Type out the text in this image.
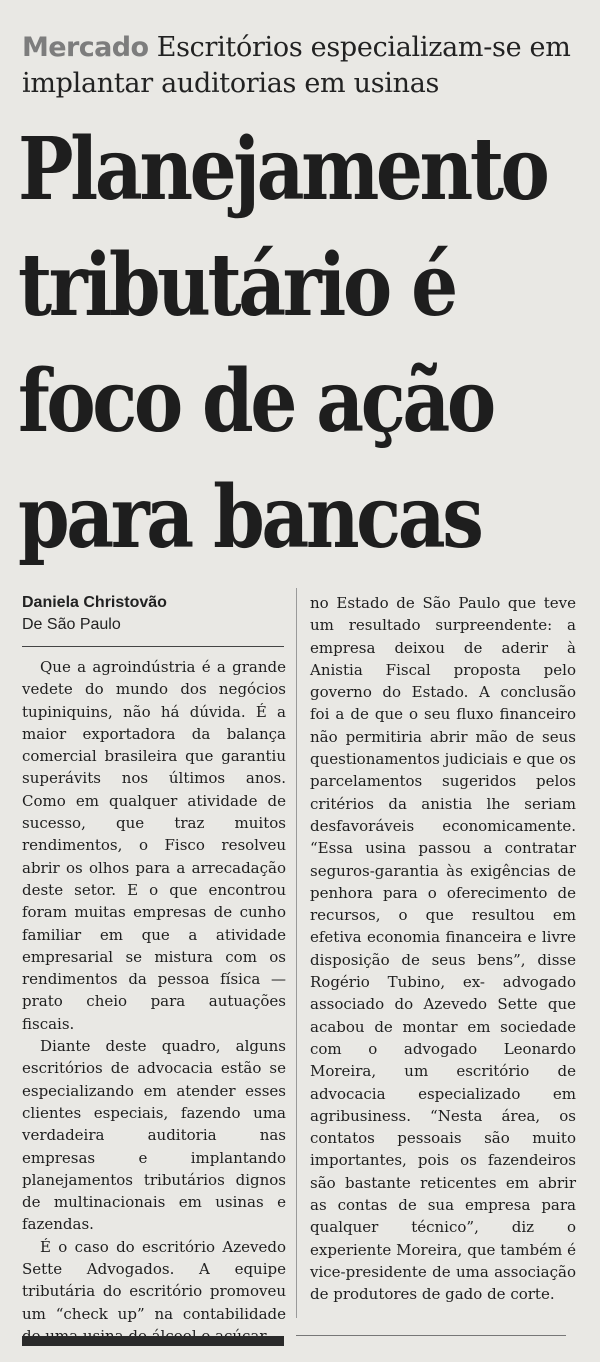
Mercado Escritórios especializam-se em implantar auditorias em usinas
Planejamento
tributário é
foco de ação
para bancas
Daniela Christovão
De São Paulo

Que a agroindústria é a grande vedete do mundo dos negócios tupiniquins, não há dúvida. É a maior exportadora da balança comercial brasileira que garantiu superávits nos últimos anos. Como em qualquer atividade de sucesso, que traz muitos rendimentos, o Fisco resolveu abrir os olhos para a arrecadação deste setor. E o que encontrou foram muitas empresas de cunho familiar em que a atividade empresarial se mistura com os rendimentos da pessoa física — prato cheio para autuações fiscais.

Diante deste quadro, alguns escritórios de advocacia estão se especializando em atender esses clientes especiais, fazendo uma verdadeira auditoria nas empresas e implantando planejamentos tributários dignos de multinacionais em usinas e fazendas.

É o caso do escritório Azevedo Sette Advogados. A equipe tributária do escritório promoveu um “check up” na contabilidade

no Estado de São Paulo que teve um resultado surpreendente: a empresa deixou de aderir à Anistia Fiscal proposta pelo governo do Estado. A conclusão foi a de que o seu fluxo financeiro não permitiria abrir mão de seus questionamentos judiciais e que os parcelamentos sugeridos pelos critérios da anistia lhe seriam desfavoráveis economicamente. “Essa usina passou a contratar seguros-garantia às exigências de penhora para o oferecimento de recursos, o que resultou em efetiva economia financeira e livre disposição de seus bens”, disse Rogério Tubino, ex- advogado associado do Azevedo Sette que acabou de montar em sociedade com o advogado Leonardo Moreira, um escritório de advocacia especializado em agribusiness. “Nesta área, os contatos pessoais são muito importantes, pois os fazendeiros são bastante reticentes em abrir as contas de sua empresa para qualquer técnico”, diz o experiente Moreira, que também é vice-presidente de uma associação de produtores de gado de corte.
